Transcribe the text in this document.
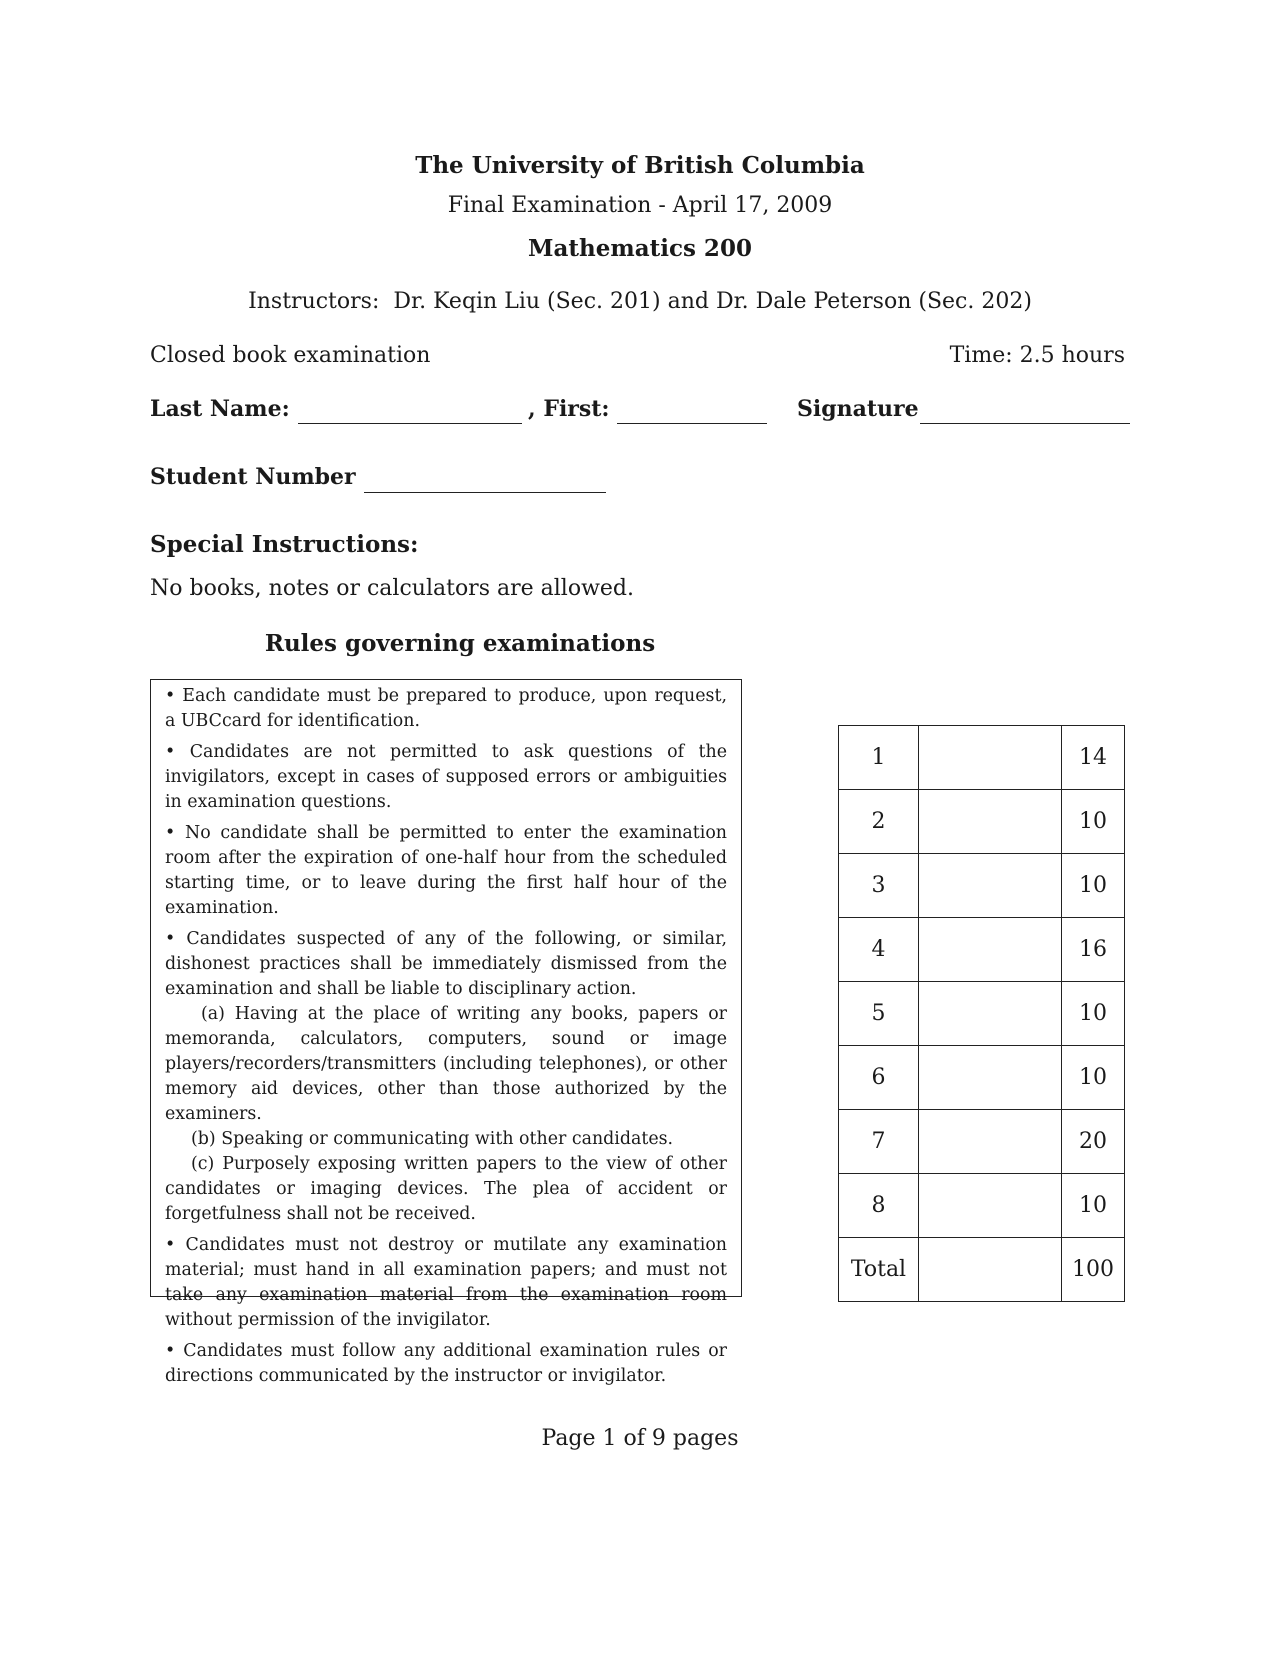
The University of British Columbia
Final Examination - April 17, 2009
Mathematics 200
Instructors:  Dr. Keqin Liu (Sec. 201) and Dr. Dale Peterson (Sec. 202)
Closed book examination	Time: 2.5 hours
Last Name:	, First:	Signature
Student Number
Special Instructions:
No books, notes or calculators are allowed.
Rules governing examinations

• Each candidate must be prepared to produce, upon request, a UBCcard for identification.

• Candidates are not permitted to ask questions of the invigilators, except in cases of supposed errors or ambiguities in examination questions.

• No candidate shall be permitted to enter the examination room after the expiration of one-half hour from the scheduled starting time, or to leave during the first half hour of the examination.

• Candidates suspected of any of the following, or similar, dishonest practices shall be immediately dismissed from the examination and shall be liable to disciplinary action.

(a) Having at the place of writing any books, papers or memoranda, calculators, computers, sound or image players/recorders/transmitters (including telephones), or other memory aid devices, other than those authorized by the examiners.

(b) Speaking or communicating with other candidates.

(c) Purposely exposing written papers to the view of other candidates or imaging devices. The plea of accident or forgetfulness shall not be received.

• Candidates must not destroy or mutilate any examination material; must hand in all examination papers; and must not take any examination material from the examination room without permission of the invigilator.

• Candidates must follow any additional examination rules or directions communicated by the instructor or invigilator.

1		14
2		10
3		10
4		16
5		10
6		10
7		20
8		10
Total		100
Page 1 of 9 pages
